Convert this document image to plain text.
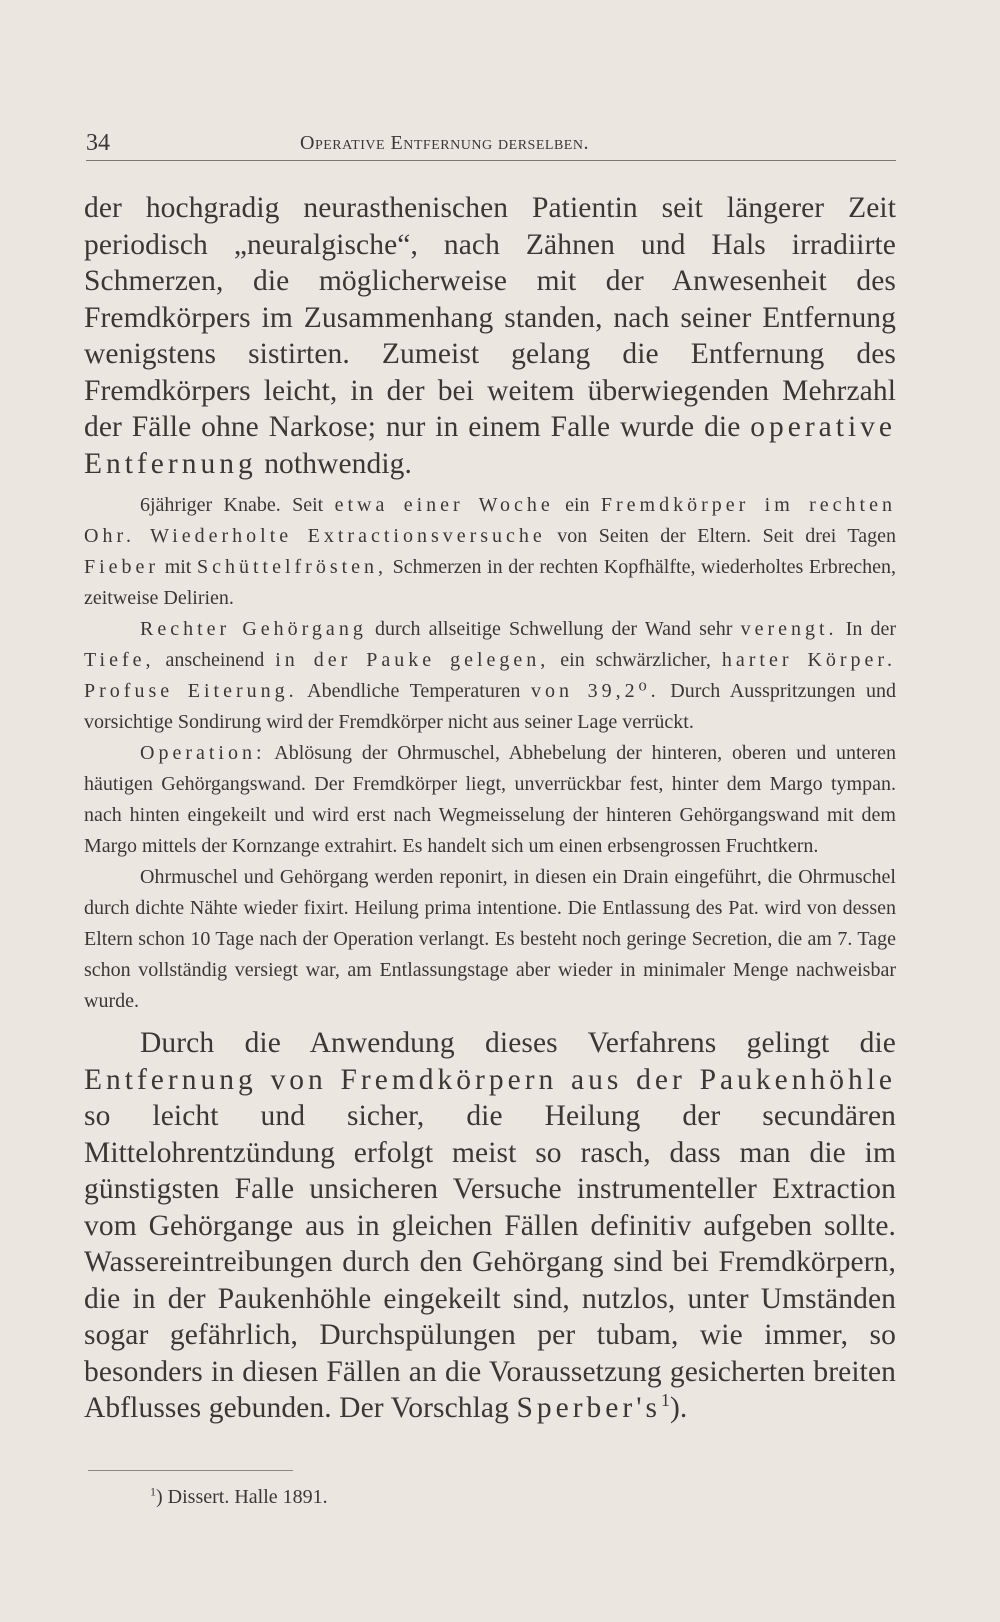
34	Operative Entfernung derselben.

der hochgradig neurasthenischen Patientin seit längerer Zeit periodisch „neuralgische“, nach Zähnen und Hals irradiirte Schmerzen, die möglicherweise mit der Anwesenheit des Fremdkörpers im Zusammenhang standen, nach seiner Entfernung wenigstens sistirten. Zumeist gelang die Entfernung des Fremdkörpers leicht, in der bei weitem überwiegenden Mehrzahl der Fälle ohne Narkose; nur in einem Falle wurde die operative Entfernung nothwendig.

6jähriger Knabe. Seit etwa einer Woche ein Fremdkörper im rechten Ohr. Wiederholte Extractionsversuche von Seiten der Eltern. Seit drei Tagen Fieber mit Schüttelfrösten, Schmerzen in der rechten Kopfhälfte, wiederholtes Erbrechen, zeitweise Delirien.

Rechter Gehörgang durch allseitige Schwellung der Wand sehr verengt. In der Tiefe, anscheinend in der Pauke gelegen, ein schwärzlicher, harter Körper. Profuse Eiterung. Abendliche Temperaturen von 39,2⁰. Durch Ausspritzungen und vorsichtige Sondirung wird der Fremdkörper nicht aus seiner Lage verrückt.

Operation: Ablösung der Ohrmuschel, Abhebelung der hinteren, oberen und unteren häutigen Gehörgangswand. Der Fremdkörper liegt, unverrückbar fest, hinter dem Margo tympan. nach hinten eingekeilt und wird erst nach Wegmeisselung der hinteren Gehörgangswand mit dem Margo mittels der Kornzange extrahirt. Es handelt sich um einen erbsengrossen Fruchtkern.

Ohrmuschel und Gehörgang werden reponirt, in diesen ein Drain eingeführt, die Ohrmuschel durch dichte Nähte wieder fixirt. Heilung prima intentione. Die Entlassung des Pat. wird von dessen Eltern schon 10 Tage nach der Operation verlangt. Es besteht noch geringe Secretion, die am 7. Tage schon vollständig versiegt war, am Entlassungstage aber wieder in minimaler Menge nachweisbar wurde.

Durch die Anwendung dieses Verfahrens gelingt die Entfernung von Fremdkörpern aus der Paukenhöhle so leicht und sicher, die Heilung der secundären Mittelohrentzündung erfolgt meist so rasch, dass man die im günstigsten Falle unsicheren Versuche instrumenteller Extraction vom Gehörgange aus in gleichen Fällen definitiv aufgeben sollte. Wassereintreibungen durch den Gehörgang sind bei Fremdkörpern, die in der Paukenhöhle eingekeilt sind, nutzlos, unter Umständen sogar gefährlich, Durchspülungen per tubam, wie immer, so besonders in diesen Fällen an die Voraussetzung gesicherten breiten Abflusses gebunden. Der Vorschlag $Sperber's^1$).

$^1$) Dissert. Halle 1891.
